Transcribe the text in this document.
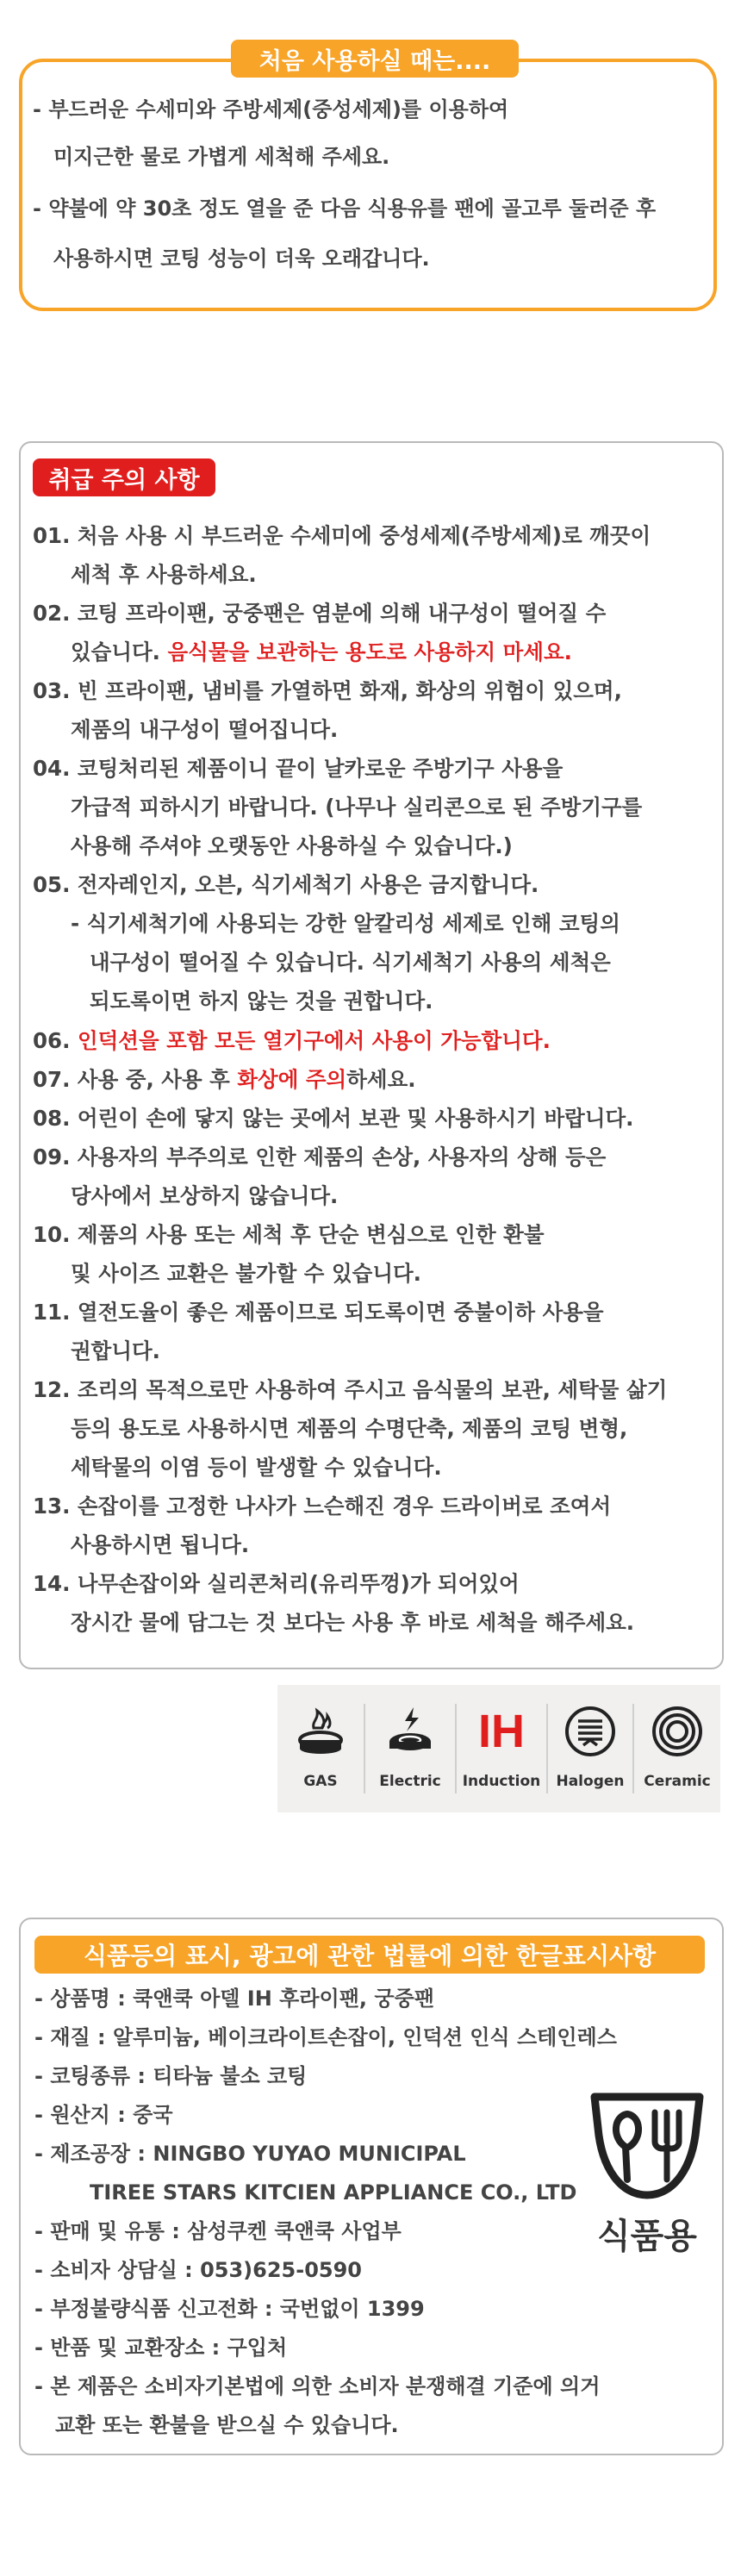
처음 사용하실 때는....
- 부드러운 수세미와 주방세제(중성세제)를 이용하여
미지근한 물로 가볍게 세척해 주세요.
- 약불에 약 30초 정도 열을 준 다음 식용유를 팬에 골고루 둘러준 후
사용하시면 코팅 성능이 더욱 오래갑니다.
취급 주의 사항
01. 처음 사용 시 부드러운 수세미에 중성세제(주방세제)로 깨끗이
세척 후 사용하세요.
02. 코팅 프라이팬, 궁중팬은 염분에 의해 내구성이 떨어질 수
있습니다. 음식물을 보관하는 용도로 사용하지 마세요.
03. 빈 프라이팬, 냄비를 가열하면 화재, 화상의 위험이 있으며,
제품의 내구성이 떨어집니다.
04. 코팅처리된 제품이니 끝이 날카로운 주방기구 사용을
가급적 피하시기 바랍니다. (나무나 실리콘으로 된 주방기구를
사용해 주셔야 오랫동안 사용하실 수 있습니다.)
05. 전자레인지, 오븐, 식기세척기 사용은 금지합니다.
- 식기세척기에 사용되는 강한 알칼리성 세제로 인해 코팅의
내구성이 떨어질 수 있습니다. 식기세척기 사용의 세척은
되도록이면 하지 않는 것을 권합니다.
06. 인덕션을 포함 모든 열기구에서 사용이 가능합니다.
07. 사용 중, 사용 후 화상에 주의하세요.
08. 어린이 손에 닿지 않는 곳에서 보관 및 사용하시기 바랍니다.
09. 사용자의 부주의로 인한 제품의 손상, 사용자의 상해 등은
당사에서 보상하지 않습니다.
10. 제품의 사용 또는 세척 후 단순 변심으로 인한 환불
및 사이즈 교환은 불가할 수 있습니다.
11. 열전도율이 좋은 제품이므로 되도록이면 중불이하 사용을
권합니다.
12. 조리의 목적으로만 사용하여 주시고 음식물의 보관, 세탁물 삶기
등의 용도로 사용하시면 제품의 수명단축, 제품의 코팅 변형,
세탁물의 이염 등이 발생할 수 있습니다.
13. 손잡이를 고정한 나사가 느슨해진 경우 드라이버로 조여서
사용하시면 됩니다.
14. 나무손잡이와 실리콘처리(유리뚜껑)가 되어있어
장시간 물에 담그는 것 보다는 사용 후 바로 세척을 해주세요.
GAS	Electric
IH
Induction Halogen Ceramic
식품등의 표시, 광고에 관한 법률에 의한 한글표시사항
- 상품명 : 쿡앤쿡 아델 IH 후라이팬, 궁중팬
- 재질 : 알루미늄, 베이크라이트손잡이, 인덕션 인식 스테인레스
- 코팅종류 : 티타늄 불소 코팅
- 원산지 : 중국
- 제조공장 : NINGBO YUYAO MUNICIPAL
TIREE STARS KITCIEN APPLIANCE CO., LTD
- 판매 및 유통 : 삼성쿠켄 쿡앤쿡 사업부
- 소비자 상담실 : 053)625-0590
- 부정불량식품 신고전화 : 국번없이 1399
- 반품 및 교환장소 : 구입처
- 본 제품은 소비자기본법에 의한 소비자 분쟁해결 기준에 의거
교환 또는 환불을 받으실 수 있습니다.
식품용
